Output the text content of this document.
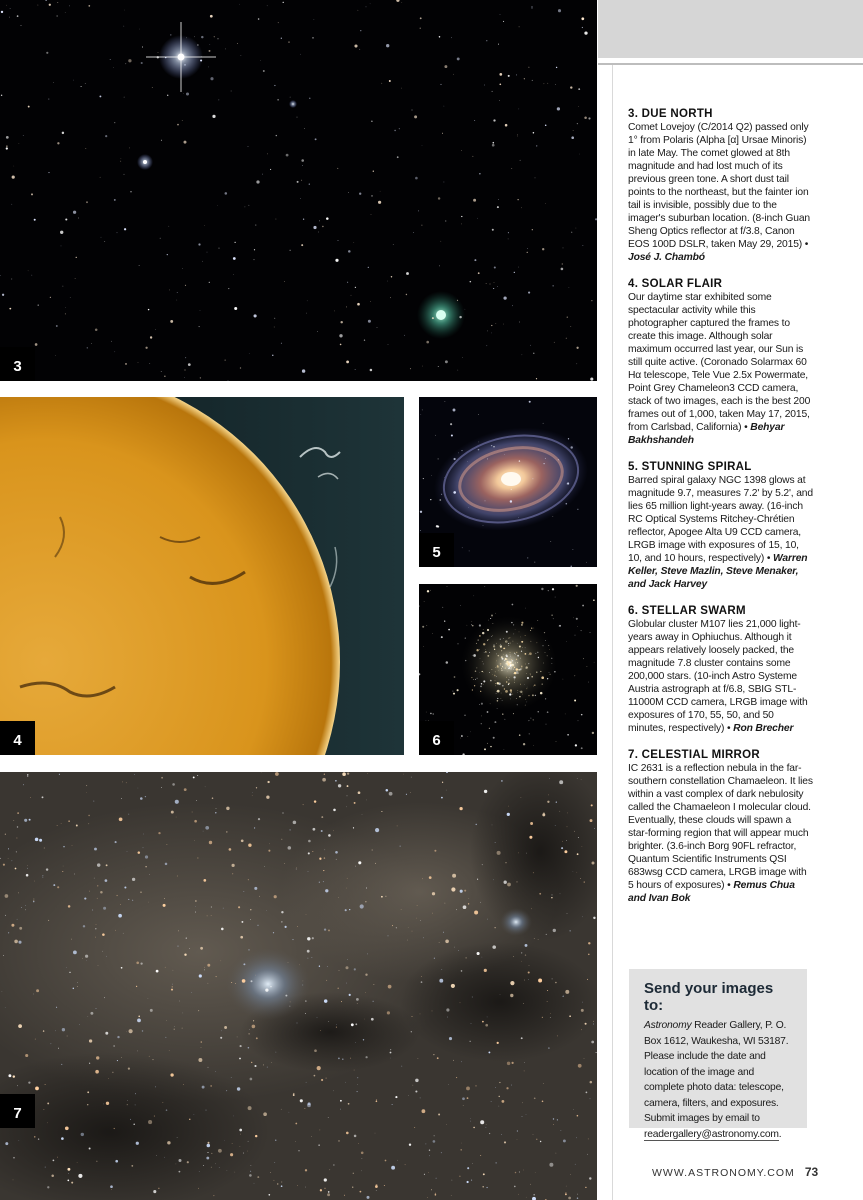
3
4
5
6
7
3. DUE NORTH

Comet Lovejoy (C/2014 Q2) passed only 1° from Polaris (Alpha [α] Ursae Minoris) in late May. The comet glowed at 8th magnitude and had lost much of its previous green tone. A short dust tail points to the northeast, but the fainter ion tail is invisible, possibly due to the imager's suburban location. (8-inch Guan Sheng Optics reflector at f/3.8, Canon EOS 100D DSLR, taken May 29, 2015) • José J. Chambó

4. SOLAR FLAIR

Our daytime star exhibited some spectacular activity while this photographer captured the frames to create this image. Although solar maximum occurred last year, our Sun is still quite active. (Coronado Solarmax 60 Hα telescope, Tele Vue 2.5x Powermate, Point Grey Chameleon3 CCD camera, stack of two images, each is the best 200 frames out of 1,000, taken May 17, 2015, from Carlsbad, California) • Behyar Bakhshandeh

5. STUNNING SPIRAL

Barred spiral galaxy NGC 1398 glows at magnitude 9.7, measures 7.2' by 5.2', and lies 65 million light-years away. (16-inch RC Optical Systems Ritchey-Chrétien reflector, Apogee Alta U9 CCD camera, LRGB image with exposures of 15, 10, 10, and 10 hours, respectively) • Warren Keller, Steve Mazlin, Steve Menaker, and Jack Harvey

6. STELLAR SWARM

Globular cluster M107 lies 21,000 light-years away in Ophiuchus. Although it appears relatively loosely packed, the magnitude 7.8 cluster contains some 200,000 stars. (10-inch Astro Systeme Austria astrograph at f/6.8, SBIG STL-11000M CCD camera, LRGB image with exposures of 170, 55, 50, and 50 minutes, respectively) • Ron Brecher

7. CELESTIAL MIRROR

IC 2631 is a reflection nebula in the far-southern constellation Chamaeleon. It lies within a vast complex of dark nebulosity called the Chamaeleon I molecular cloud. Eventually, these clouds will spawn a star-forming region that will appear much brighter. (3.6-inch Borg 90FL refractor, Quantum Scientific Instruments QSI 683wsg CCD camera, LRGB image with 5 hours of exposures) • Remus Chua and Ivan Bok

Send your images to:

Astronomy Reader Gallery, P. O. Box 1612, Waukesha, WI 53187. Please include the date and location of the image and complete photo data: telescope, camera, filters, and exposures. Submit images by email to readergallery@astronomy.com.

WWW.ASTRONOMY.COM 73
